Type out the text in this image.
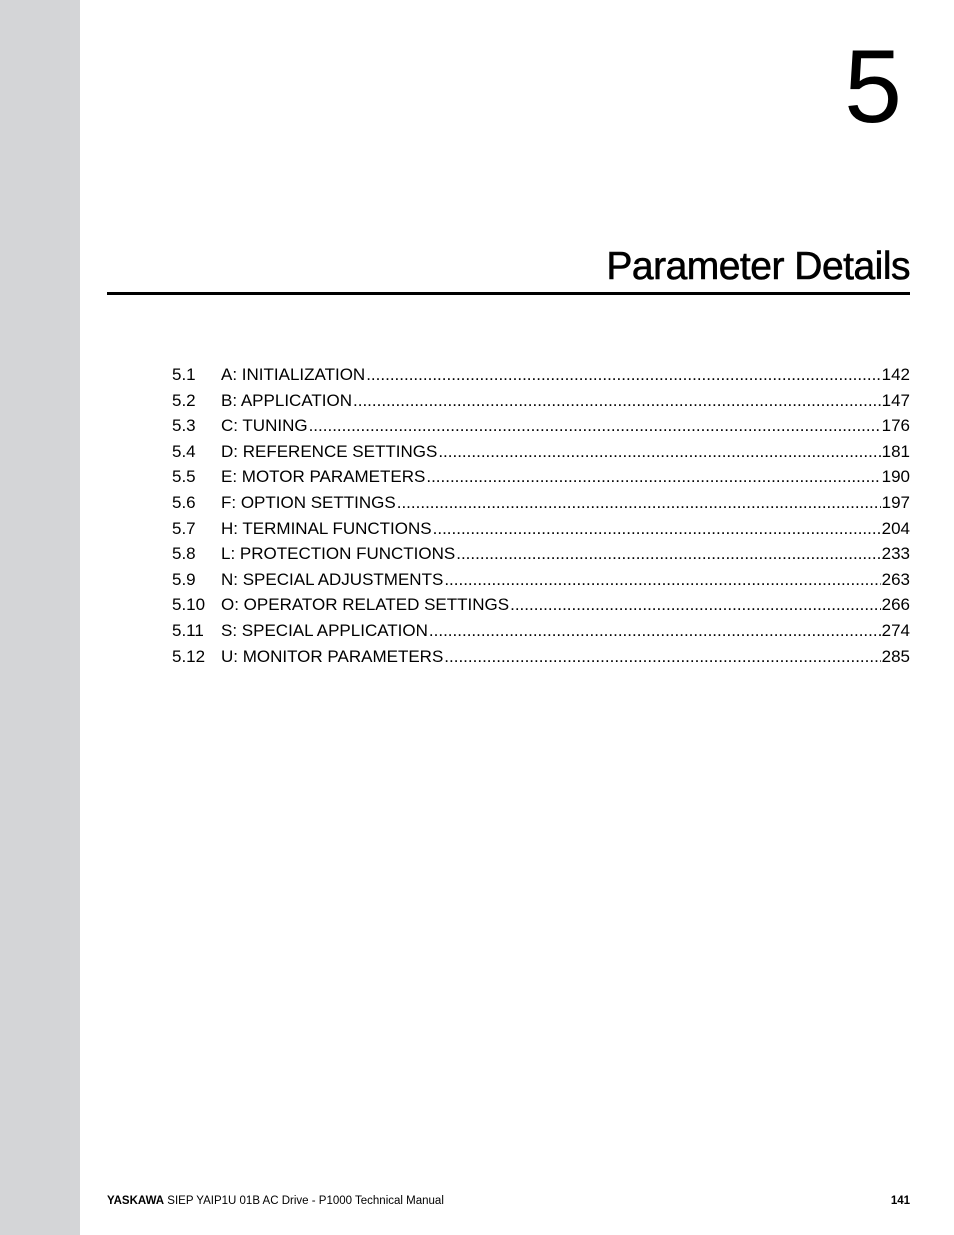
5
Parameter Details
5.1	A: INITIALIZATION .....	142
5.2	B: APPLICATION .....	147
5.3	C: TUNING .....	176
5.4	D: REFERENCE SETTINGS .....	181
5.5	E: MOTOR PARAMETERS .....	190
5.6	F: OPTION SETTINGS .....	197
5.7	H: TERMINAL FUNCTIONS .....	204
5.8	L: PROTECTION FUNCTIONS .....	233
5.9	N: SPECIAL ADJUSTMENTS .....	263
5.10 O: OPERATOR RELATED SETTINGS .....	266
5.11	S: SPECIAL APPLICATION .....	274
5.12 U: MONITOR PARAMETERS .....	285
YASKAWA SIEP YAIP1U 01B AC Drive - P1000 Technical Manual	141
